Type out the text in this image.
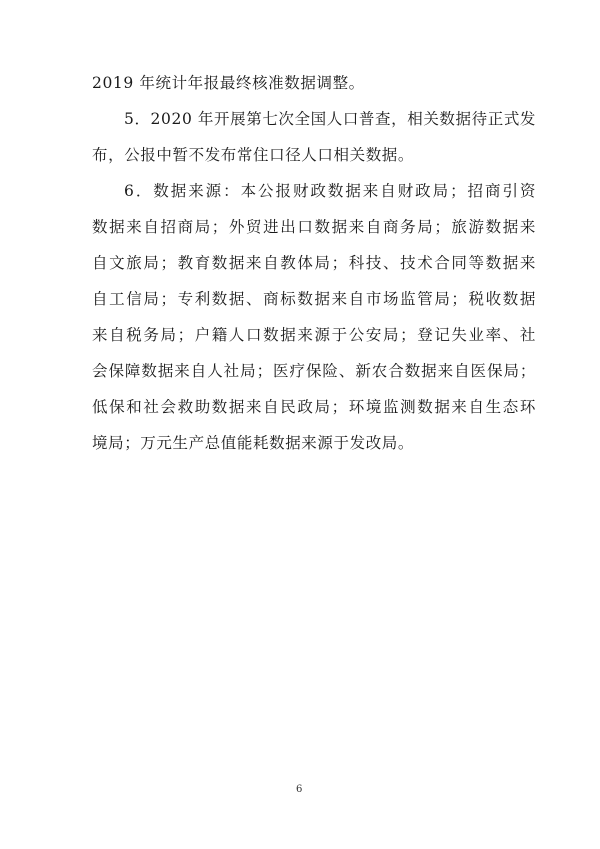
2019 年统计年报最终核准数据调整。
5．2020 年开展第七次全国人口普查，相关数据待正式发
布，公报中暂不发布常住口径人口相关数据。
6．数据来源：本公报财政数据来自财政局；招商引资
数据来自招商局；外贸进出口数据来自商务局；旅游数据来
自文旅局；教育数据来自教体局；科技、技术合同等数据来
自工信局；专利数据、商标数据来自市场监管局；税收数据
来自税务局；户籍人口数据来源于公安局；登记失业率、社
会保障数据来自人社局；医疗保险、新农合数据来自医保局；
低保和社会救助数据来自民政局；环境监测数据来自生态环
境局；万元生产总值能耗数据来源于发改局。
6
